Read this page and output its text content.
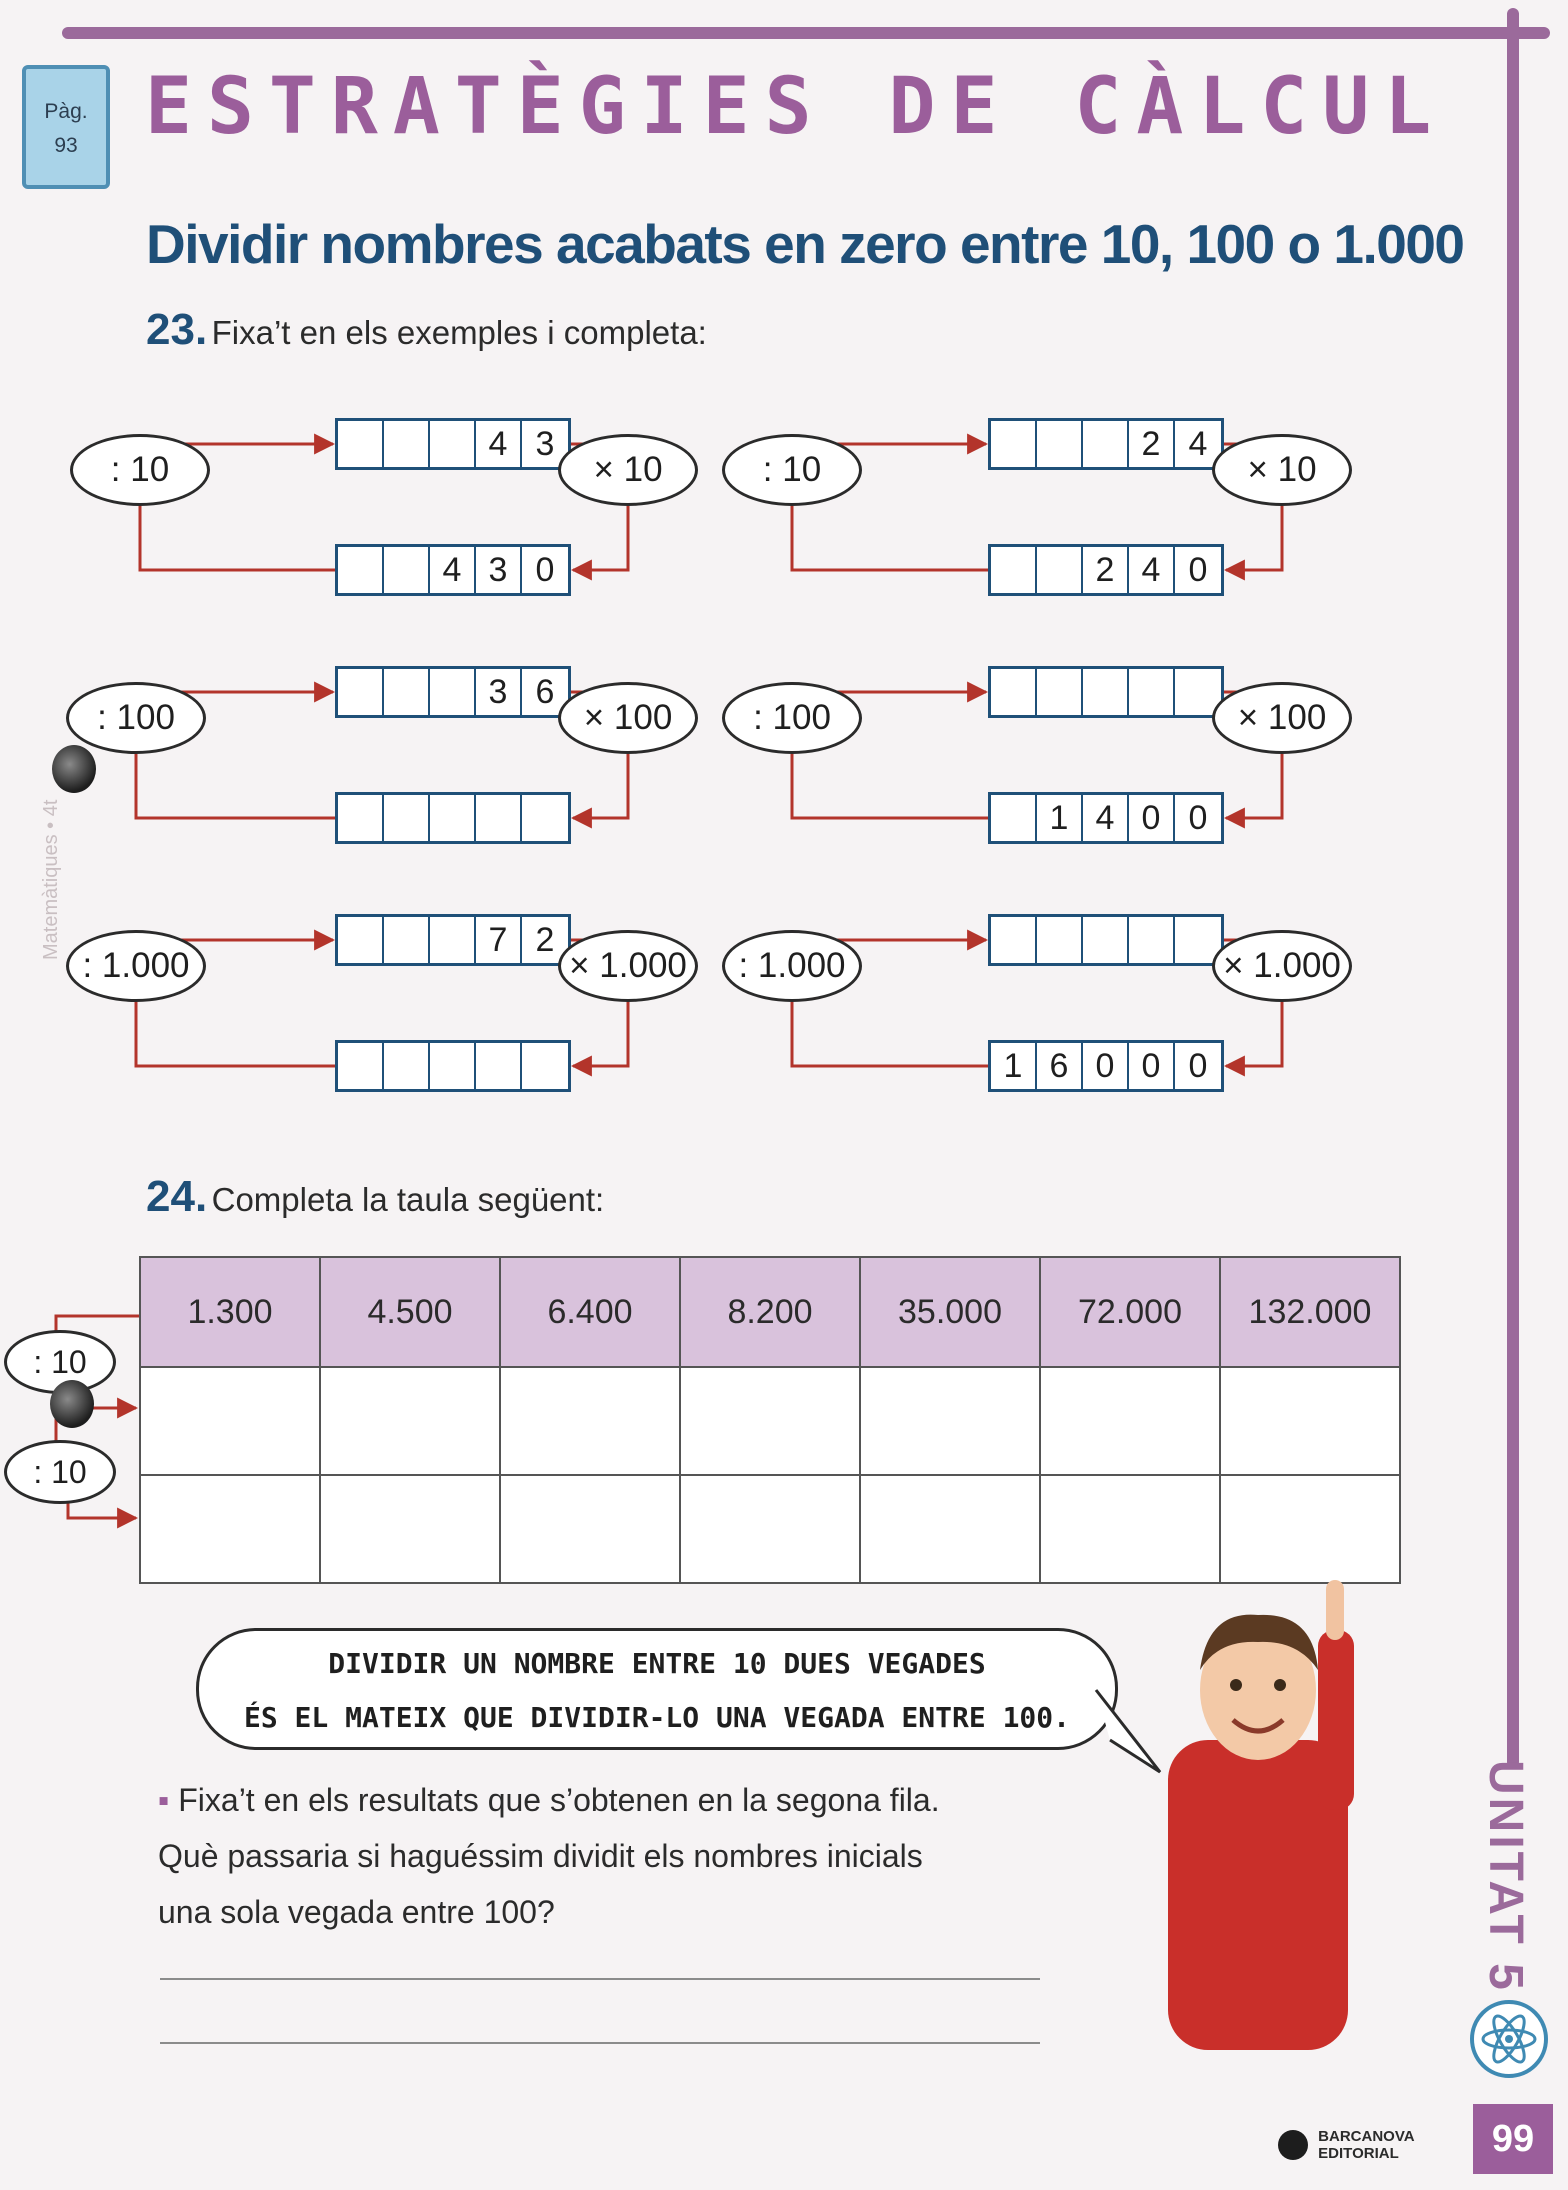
Pàg.
93 ESTRATÈGIES DE CÀLCUL
Dividir nombres acabats en zero entre 10, 100 o 1.000
23. Fixa’t en els exemples i completa:
4 3
4 3 0
: 10	× 10
2 4
2 4 0
: 10	× 10
3 6
: 100	× 100
1 4 0 0
: 100	× 100
7 2
: 1.000	× 1.000
1 6 0 0 0
: 1.000	× 1.000
24. Completa la taula següent:
1.300	4.500	6.400	8.200	35.000	72.000	132.000

: 10
: 10
Matemàtiques • 4t
DIVIDIR UN NOMBRE ENTRE 10 DUES VEGADES
ÉS EL MATEIX QUE DIVIDIR-LO UNA VEGADA ENTRE 100.
▪ Fixa’t en els resultats que s’obtenen en la segona fila.
Què passaria si haguéssim dividit els nombres inicials
una sola vegada entre 100?	UNITAT 5

BARCANOVA
EDITORIAL	99
